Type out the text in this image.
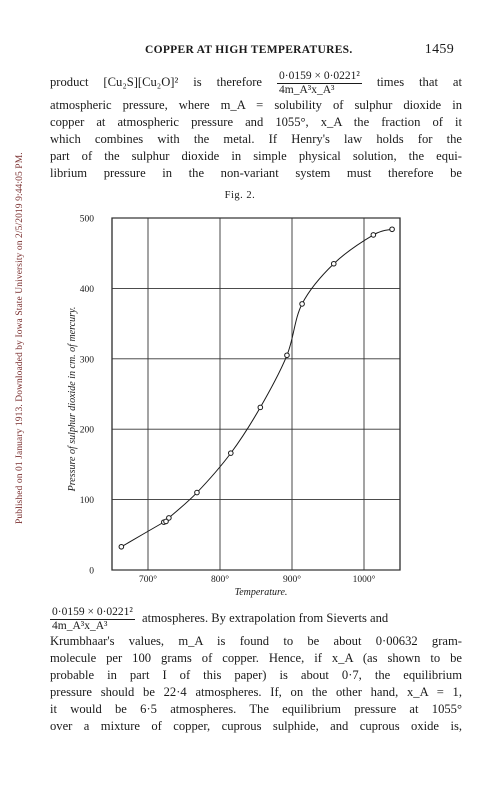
Published on 01 January 1913. Downloaded by Iowa State University on 2/5/2019 9:44:05 PM.
COPPER AT HIGH TEMPERATURES.	1459
product [Cu₂S][Cu₂O]² is therefore $\frac{\text{0·0159 × 0·0221²}}{\text{4m\_A³x\_A³}}$ times that at
atmospheric pressure, where m_A = solubility of sulphur dioxide in
copper at atmospheric pressure and 1055°, x_A the fraction of it
which combines with the metal. If Henry's law holds for the
part of the sulphur dioxide in simple physical solution, the equi-
librium pressure in the non-variant system must therefore be
Fig. 2.
700°	800°	900°	1000°
0
100
200
300
400
500
Temperature.
Pressure of sulphur dioxide in cm. of mercury.
$\frac{\text{0·0159 × 0·0221²}}{\text{4m\_A³x\_A³}}$ atmospheres. By extrapolation from Sieverts and
Krumbhaar's values, m_A is found to be about 0·00632 gram-
molecule per 100 grams of copper. Hence, if x_A (as shown to be
probable in part I of this paper) is about 0·7, the equilibrium
pressure should be 22·4 atmospheres. If, on the other hand, x_A = 1,
it would be 6·5 atmospheres. The equilibrium pressure at 1055°
over a mixture of copper, cuprous sulphide, and cuprous oxide is,
